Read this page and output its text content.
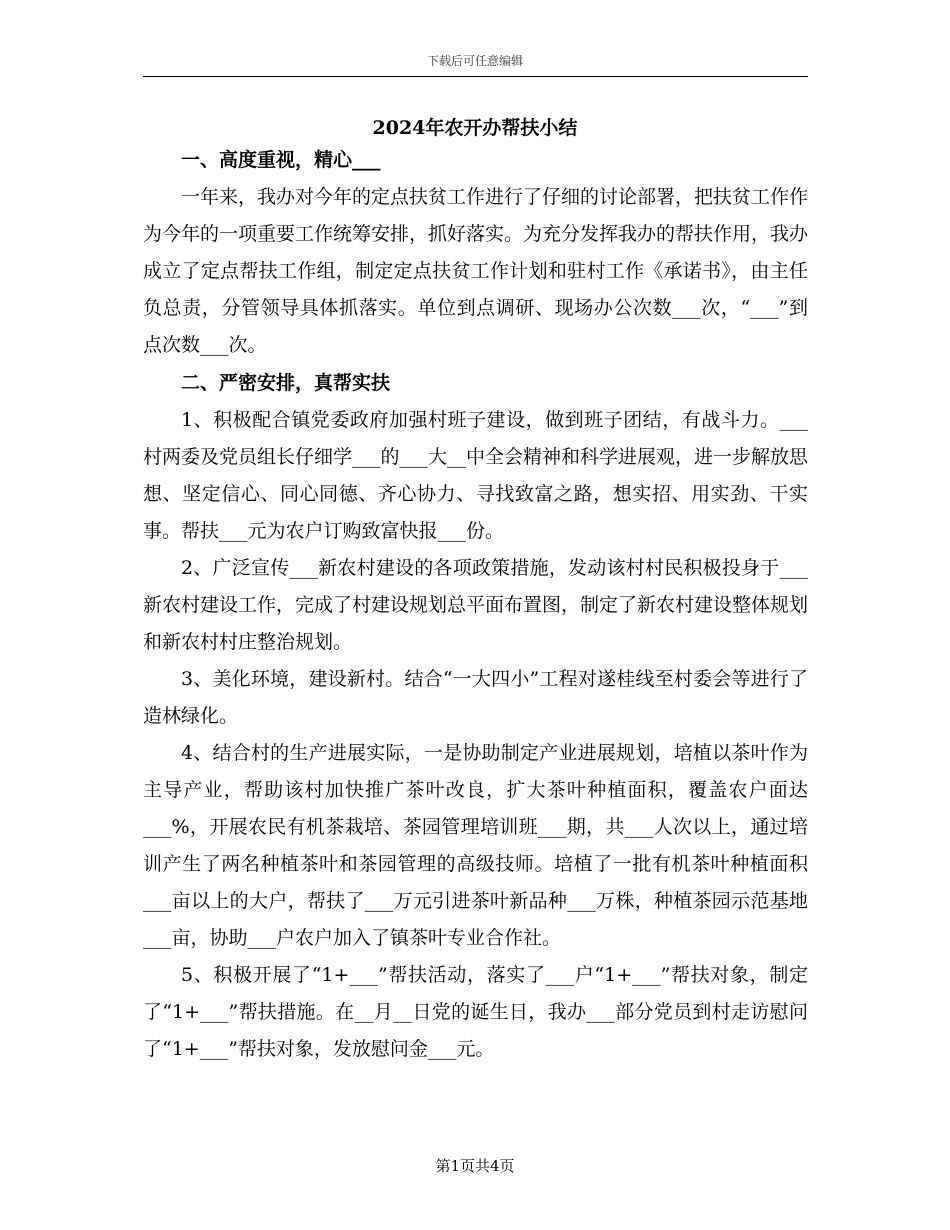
下载后可任意编辑
2024年农开办帮扶小结
一、高度重视，精心___

一年来，我办对今年的定点扶贫工作进行了仔细的讨论部署，把扶贫工作作为今年的一项重要工作统筹安排，抓好落实。为充分发挥我办的帮扶作用，我办成立了定点帮扶工作组，制定定点扶贫工作计划和驻村工作《承诺书》，由主任负总责，分管领导具体抓落实。单位到点调研、现场办公次数___次，“___”到点次数___次。

二、严密安排，真帮实扶

1、积极配合镇党委政府加强村班子建设，做到班子团结，有战斗力。___村两委及党员组长仔细学___的___大__中全会精神和科学进展观，进一步解放思想、坚定信心、同心同德、齐心协力、寻找致富之路，想实招、用实劲、干实事。帮扶___元为农户订购致富快报___份。

2、广泛宣传___新农村建设的各项政策措施，发动该村村民积极投身于___新农村建设工作，完成了村建设规划总平面布置图，制定了新农村建设整体规划和新农村村庄整治规划。

3、美化环境，建设新村。结合“一大四小”工程对遂桂线至村委会等进行了造林绿化。

4、结合村的生产进展实际，一是协助制定产业进展规划，培植以茶叶作为主导产业，帮助该村加快推广茶叶改良，扩大茶叶种植面积，覆盖农户面达___%，开展农民有机茶栽培、茶园管理培训班___期，共___人次以上，通过培训产生了两名种植茶叶和茶园管理的高级技师。培植了一批有机茶叶种植面积___亩以上的大户，帮扶了___万元引进茶叶新品种___万株，种植茶园示范基地___亩，协助___户农户加入了镇茶叶专业合作社。

5、积极开展了“1+___”帮扶活动，落实了___户“1+___”帮扶对象，制定了“1+___”帮扶措施。在__月__日党的诞生日，我办___部分党员到村走访慰问了“1+___”帮扶对象，发放慰问金___元。

第1页共4页
